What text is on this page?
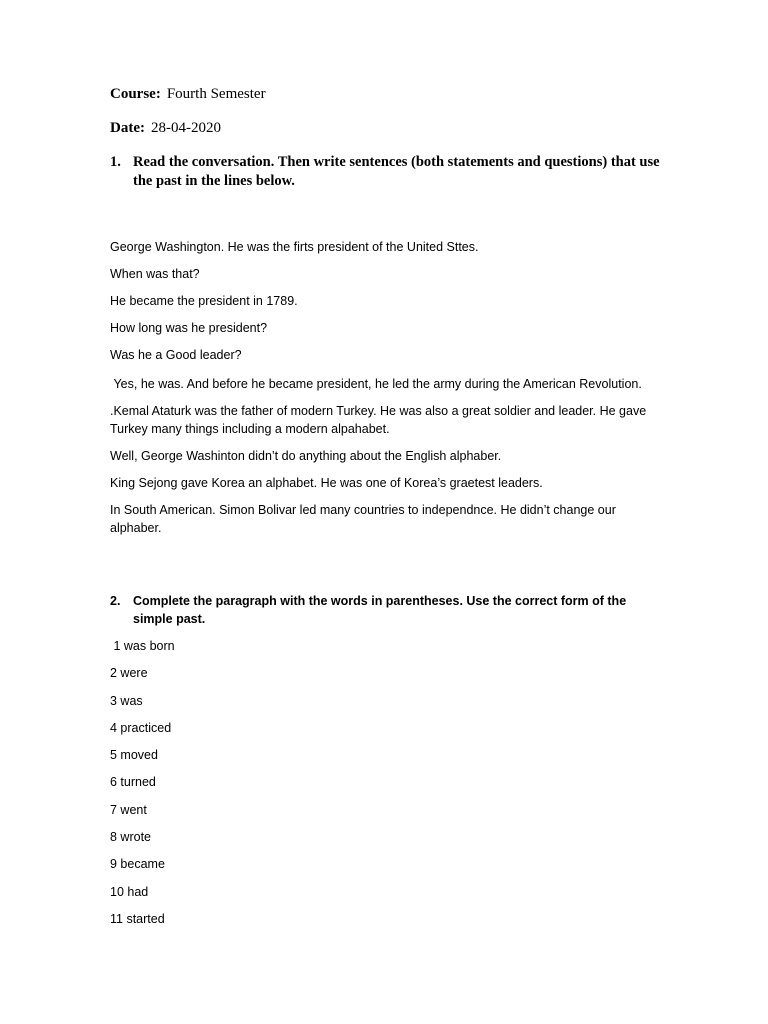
Course: Fourth Semester
Date: 28-04-2020
1. Read the conversation. Then write sentences (both statements and questions) that use the past in the lines below.

George Washington. He was the firts president of the United Sttes.

When was that?

He became the president in 1789.

How long was he president?

Was he a Good leader?

Yes, he was. And before he became president, he led the army during the American Revolution.

.Kemal Ataturk was the father of modern Turkey. He was also a great soldier and leader. He gave Turkey many things including a modern alpahabet.

Well, George Washinton didn’t do anything about the English alphaber.

King Sejong gave Korea an alphabet. He was one of Korea’s graetest leaders.

In South American. Simon Bolivar led many countries to independnce. He didn’t change our alphaber.

2. Complete the paragraph with the words in parentheses. Use the correct form of the simple past.
1 was born
2 were
3 was
4 practiced
5 moved
6 turned
7 went
8 wrote
9 became
10 had
11 started
